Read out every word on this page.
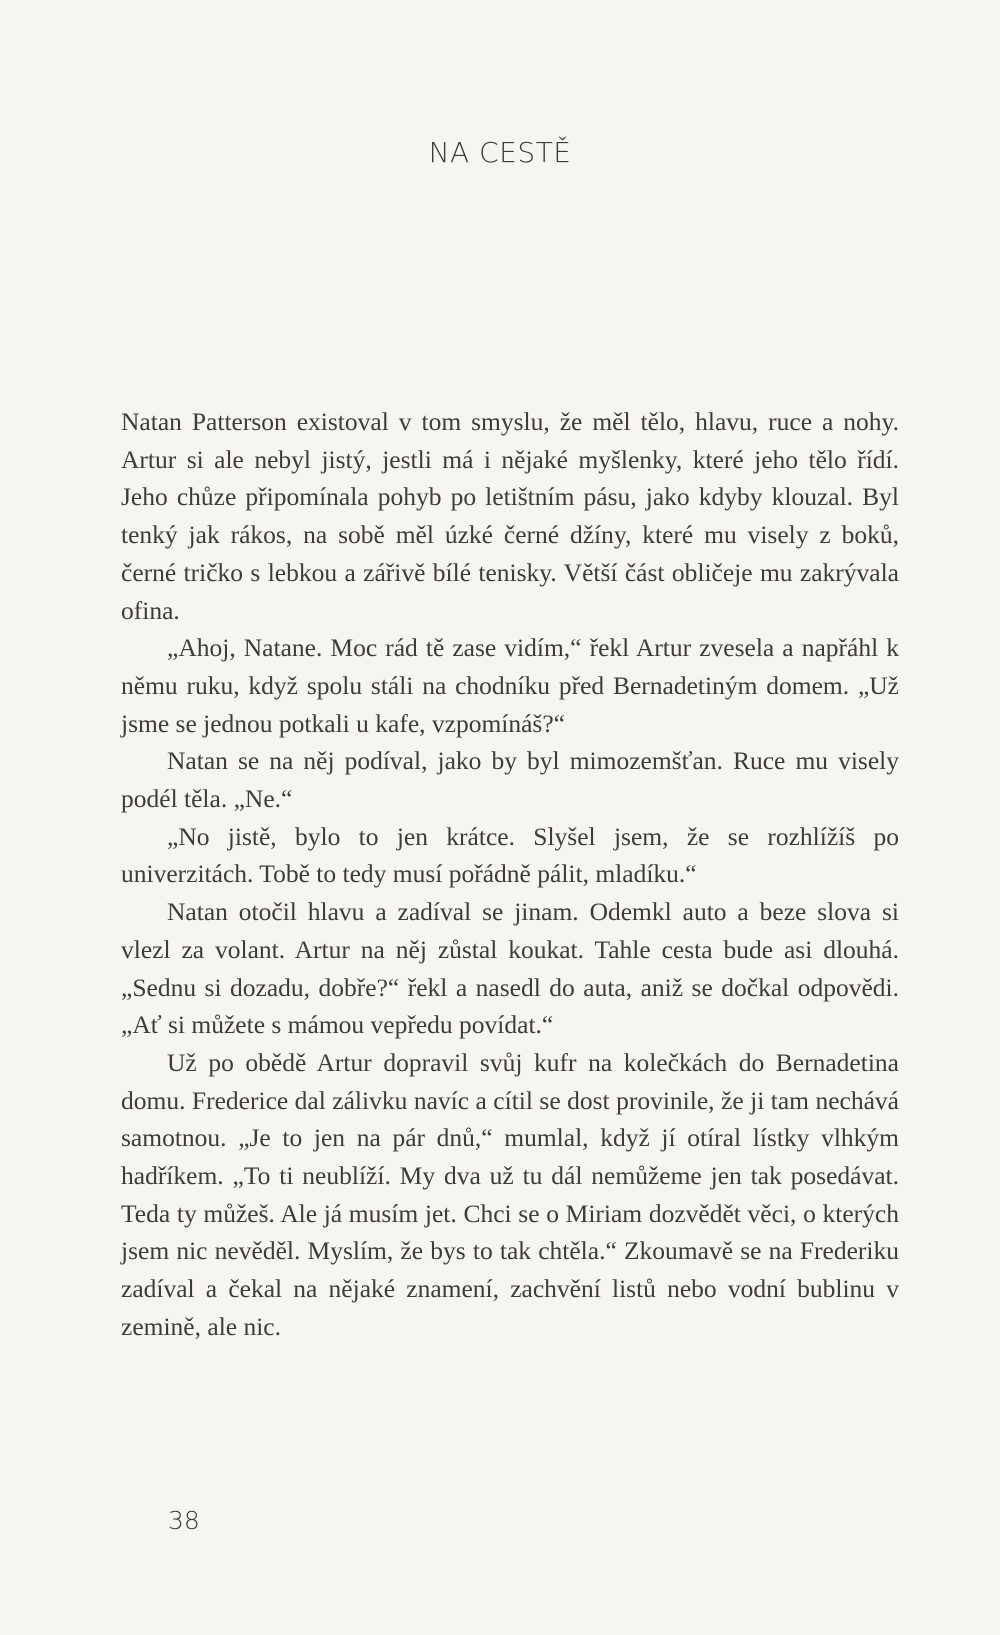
NA CESTĚ

Natan Patterson existoval v tom smyslu, že měl tělo, hlavu, ruce a nohy. Artur si ale nebyl jistý, jestli má i nějaké myšlenky, které jeho tělo řídí. Jeho chůze připomínala pohyb po letištním pásu, jako kdyby klouzal. Byl tenký jak rákos, na sobě měl úzké černé džíny, které mu visely z boků, černé tričko s lebkou a zářivě bílé tenisky. Větší část obličeje mu zakrývala ofina.

„Ahoj, Natane. Moc rád tě zase vidím,“ řekl Artur zvesela a napřáhl k němu ruku, když spolu stáli na chodníku před Bernadetiným domem. „Už jsme se jednou potkali u kafe, vzpomínáš?“

Natan se na něj podíval, jako by byl mimozemšťan. Ruce mu visely podél těla. „Ne.“

„No jistě, bylo to jen krátce. Slyšel jsem, že se rozhlížíš po univerzitách. Tobě to tedy musí pořádně pálit, mladíku.“

Natan otočil hlavu a zadíval se jinam. Odemkl auto a beze slova si vlezl za volant. Artur na něj zůstal koukat. Tahle cesta bude asi dlouhá. „Sednu si dozadu, dobře?“ řekl a nasedl do auta, aniž se dočkal odpovědi. „Ať si můžete s mámou vepředu povídat.“

Už po obědě Artur dopravil svůj kufr na kolečkách do Bernadetina domu. Frederice dal zálivku navíc a cítil se dost provinile, že ji tam nechává samotnou. „Je to jen na pár dnů,“ mumlal, když jí otíral lístky vlhkým hadříkem. „To ti neublíží. My dva už tu dál nemůžeme jen tak posedávat. Teda ty můžeš. Ale já musím jet. Chci se o Miriam dozvědět věci, o kterých jsem nic nevěděl. Myslím, že bys to tak chtěla.“ Zkoumavě se na Frederiku zadíval a čekal na nějaké znamení, zachvění listů nebo vodní bublinu v zemině, ale nic.

38
